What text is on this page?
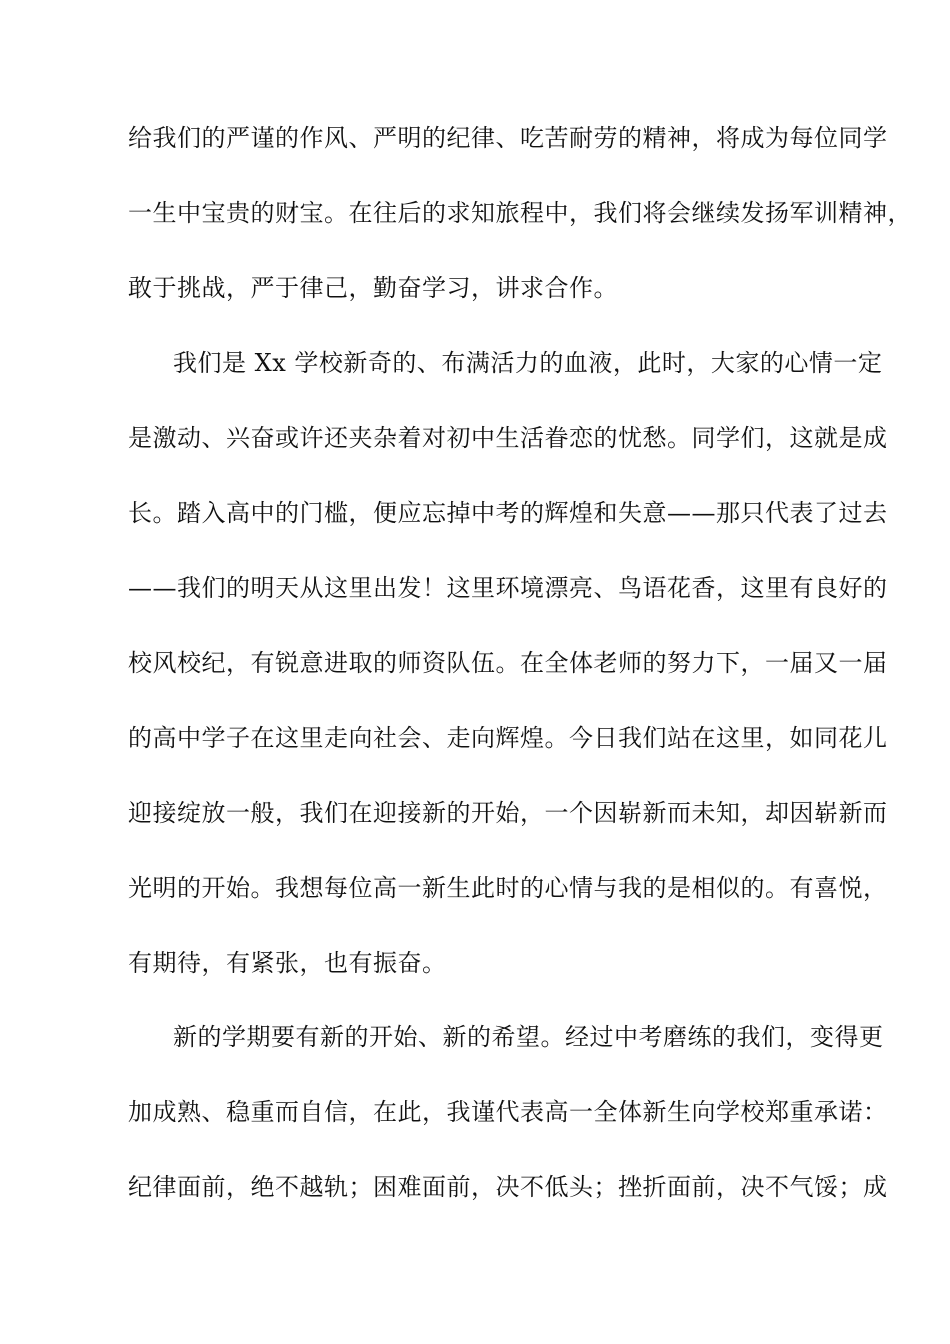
给我们的严谨的作风、严明的纪律、吃苦耐劳的精神，将成为每位同学
一生中宝贵的财宝。在往后的求知旅程中，我们将会继续发扬军训精神，
敢于挑战，严于律己，勤奋学习，讲求合作。
我们是 Xx 学校新奇的、布满活力的血液，此时，大家的心情一定
是激动、兴奋或许还夹杂着对初中生活眷恋的忧愁。同学们，这就是成
长。踏入高中的门槛，便应忘掉中考的辉煌和失意——那只代表了过去
——我们的明天从这里出发！这里环境漂亮、鸟语花香，这里有良好的
校风校纪，有锐意进取的师资队伍。在全体老师的努力下，一届又一届
的高中学子在这里走向社会、走向辉煌。今日我们站在这里，如同花儿
迎接绽放一般，我们在迎接新的开始，一个因崭新而未知，却因崭新而
光明的开始。我想每位高一新生此时的心情与我的是相似的。有喜悦，
有期待，有紧张，也有振奋。
新的学期要有新的开始、新的希望。经过中考磨练的我们，变得更
加成熟、稳重而自信，在此，我谨代表高一全体新生向学校郑重承诺：
纪律面前，绝不越轨；困难面前，决不低头；挫折面前，决不气馁；成
